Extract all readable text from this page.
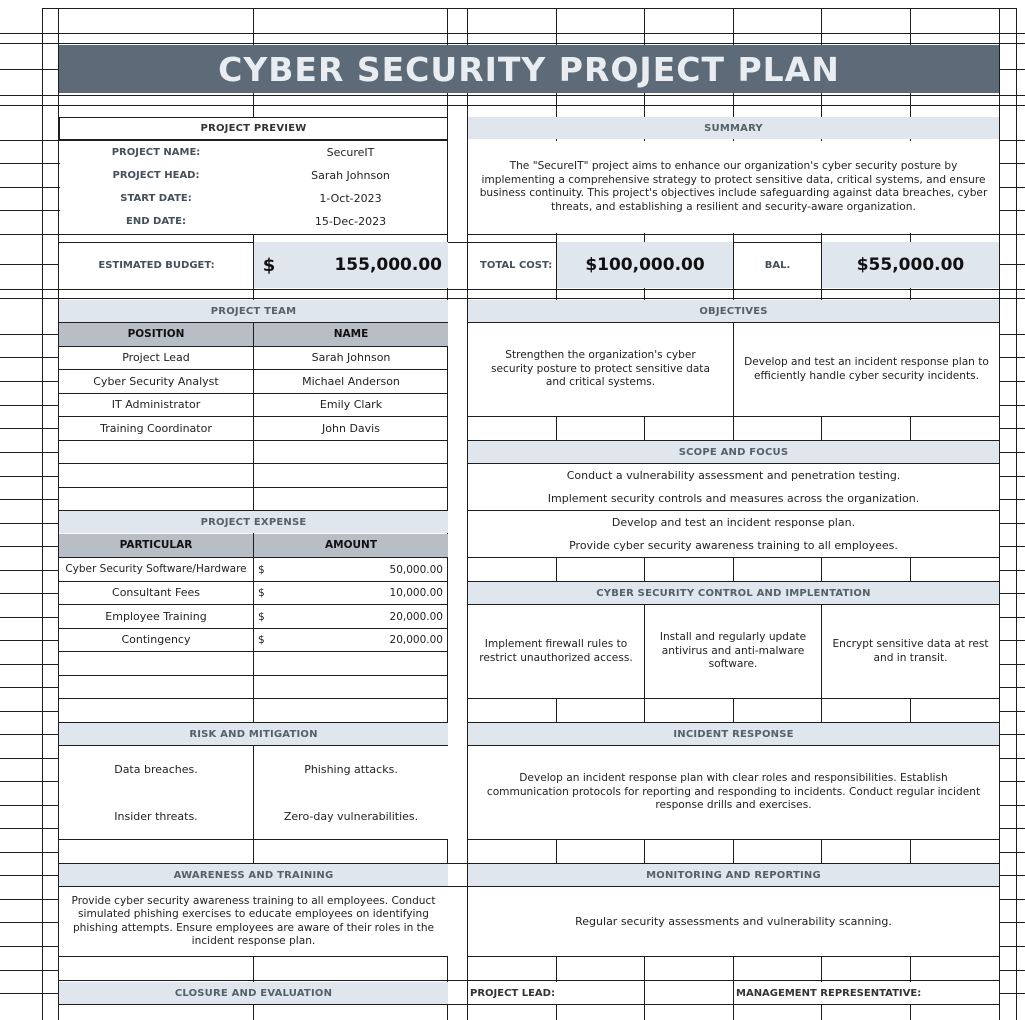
CYBER SECURITY PROJECT PLAN
PROJECT PREVIEW
PROJECT NAME:	SecureIT
PROJECT HEAD:	Sarah Johnson
START DATE:	1-Oct-2023
END DATE:	15-Dec-2023
SUMMARY
The "SecureIT" project aims to enhance our organization's cyber security posture by implementing a comprehensive strategy to protect sensitive data, critical systems, and ensure business continuity. This project's objectives include safeguarding against data breaches, cyber threats, and establishing a resilient and security-aware organization.
ESTIMATED BUDGET:	$	155,000.00	TOTAL COST:	$100,000.00	BAL.	$55,000.00
PROJECT TEAM
POSITION	NAME
Project Lead	Sarah Johnson
Cyber Security Analyst	Michael Anderson
IT Administrator	Emily Clark
Training Coordinator	John Davis
OBJECTIVES
Strengthen the organization's cyber security posture to protect sensitive data and critical systems.
Develop and test an incident response plan to efficiently handle cyber security incidents.
SCOPE AND FOCUS
Conduct a vulnerability assessment and penetration testing.
Implement security controls and measures across the organization.
Develop and test an incident response plan.
Provide cyber security awareness training to all employees.
PROJECT EXPENSE
PARTICULAR	AMOUNT
Cyber Security Software/Hardware	$	50,000.00
Consultant Fees	$	10,000.00
Employee Training	$	20,000.00
Contingency	$	20,000.00
CYBER SECURITY CONTROL AND IMPLENTATION
Implement firewall rules to restrict unauthorized access.
Install and regularly update antivirus and anti-malware software.
Encrypt sensitive data at rest and in transit.
RISK AND MITIGATION
Data breaches.	Phishing attacks.
Insider threats.	Zero-day vulnerabilities.
INCIDENT RESPONSE
Develop an incident response plan with clear roles and responsibilities. Establish communication protocols for reporting and responding to incidents. Conduct regular incident response drills and exercises.
AWARENESS AND TRAINING
Provide cyber security awareness training to all employees. Conduct simulated phishing exercises to educate employees on identifying phishing attempts. Ensure employees are aware of their roles in the incident response plan.
MONITORING AND REPORTING
Regular security assessments and vulnerability scanning.
CLOSURE AND EVALUATION	PROJECT LEAD:	MANAGEMENT REPRESENTATIVE:
